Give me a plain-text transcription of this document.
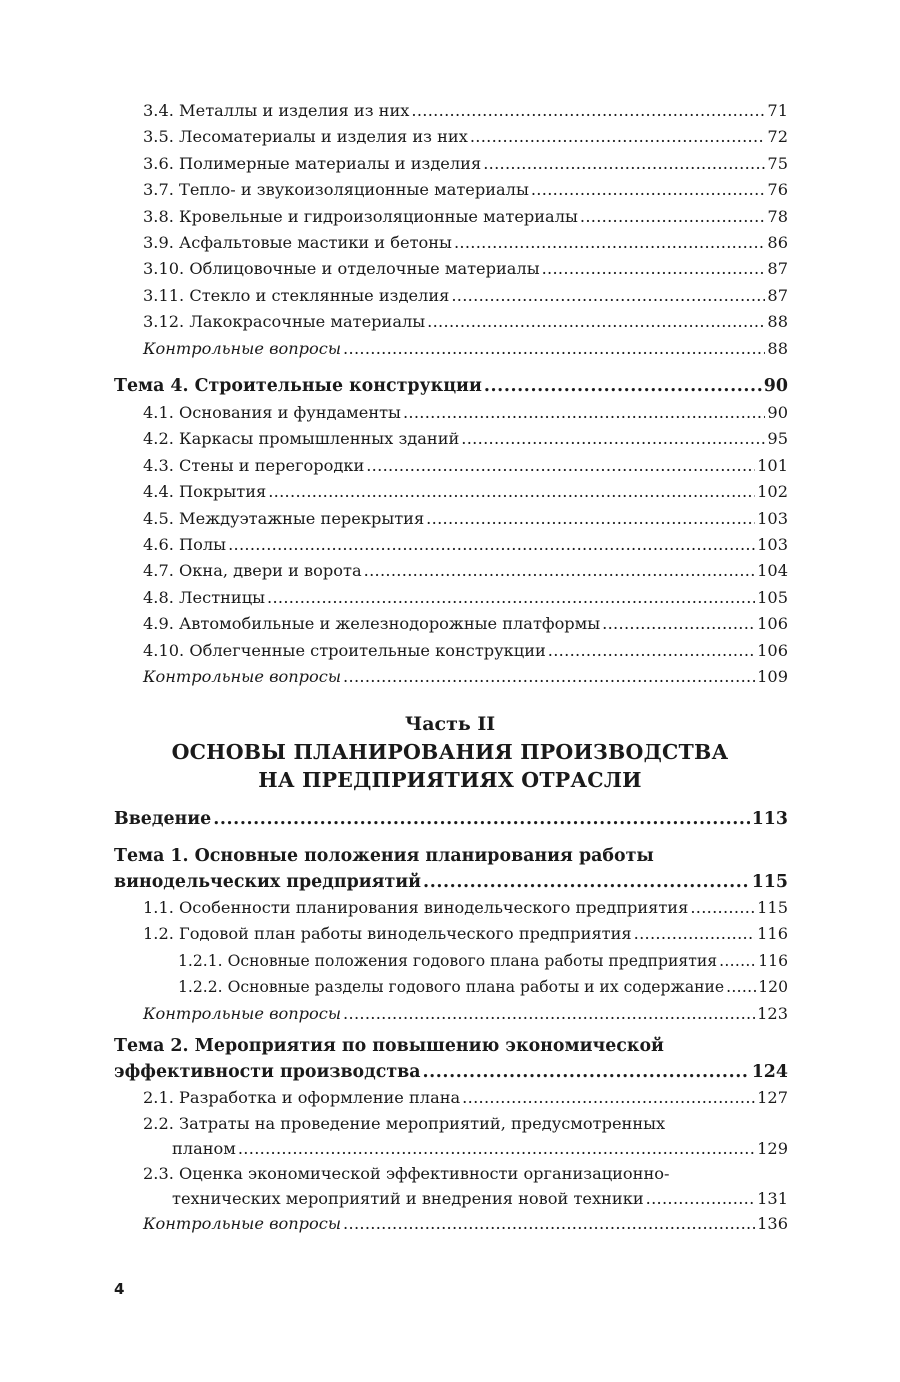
3.4. Металлы и изделия из них .....	71
3.5. Лесоматериалы и изделия из них .....	72
3.6. Полимерные материалы и изделия .....	75
3.7. Тепло- и звукоизоляционные материалы .....	76
3.8. Кровельные и гидроизоляционные материалы .....	78
3.9. Асфальтовые мастики и бетоны .....	86
3.10. Облицовочные и отделочные материалы .....	87
3.11. Стекло и стеклянные изделия .....	87
3.12. Лакокрасочные материалы .....	88
Контрольные вопросы .....	88
Тема 4. Строительные конструкции .....	90
4.1. Основания и фундаменты .....	90
4.2. Каркасы промышленных зданий .....	95
4.3. Стены и перегородки .....	101
4.4. Покрытия .....	102
4.5. Междуэтажные перекрытия .....	103
4.6. Полы .....	103
4.7. Окна, двери и ворота .....	104
4.8. Лестницы .....	105
4.9. Автомобильные и железнодорожные платформы .....	106
4.10. Облегченные строительные конструкции .....	106
Контрольные вопросы .....	109
Часть II
ОСНОВЫ ПЛАНИРОВАНИЯ ПРОИЗВОДСТВА
НА ПРЕДПРИЯТИЯХ ОТРАСЛИ
Введение .....	113
Тема 1. Основные положения планирования работы
винодельческих предприятий .....	115
1.1. Особенности планирования винодельческого предприятия .....	115
1.2. Годовой план работы винодельческого предприятия .....	116
1.2.1. Основные положения годового плана работы предприятия .....	116
1.2.2. Основные разделы годового плана работы и их содержание ..... 120
Контрольные вопросы .....	123
Тема 2. Мероприятия по повышению экономической
эффективности производства .....	124
2.1. Разработка и оформление плана .....	127
2.2. Затраты на проведение мероприятий, предусмотренных
планом .....	129
2.3. Оценка экономической эффективности организационно-
технических мероприятий и внедрения новой техники .....	131
Контрольные вопросы .....	136
4
